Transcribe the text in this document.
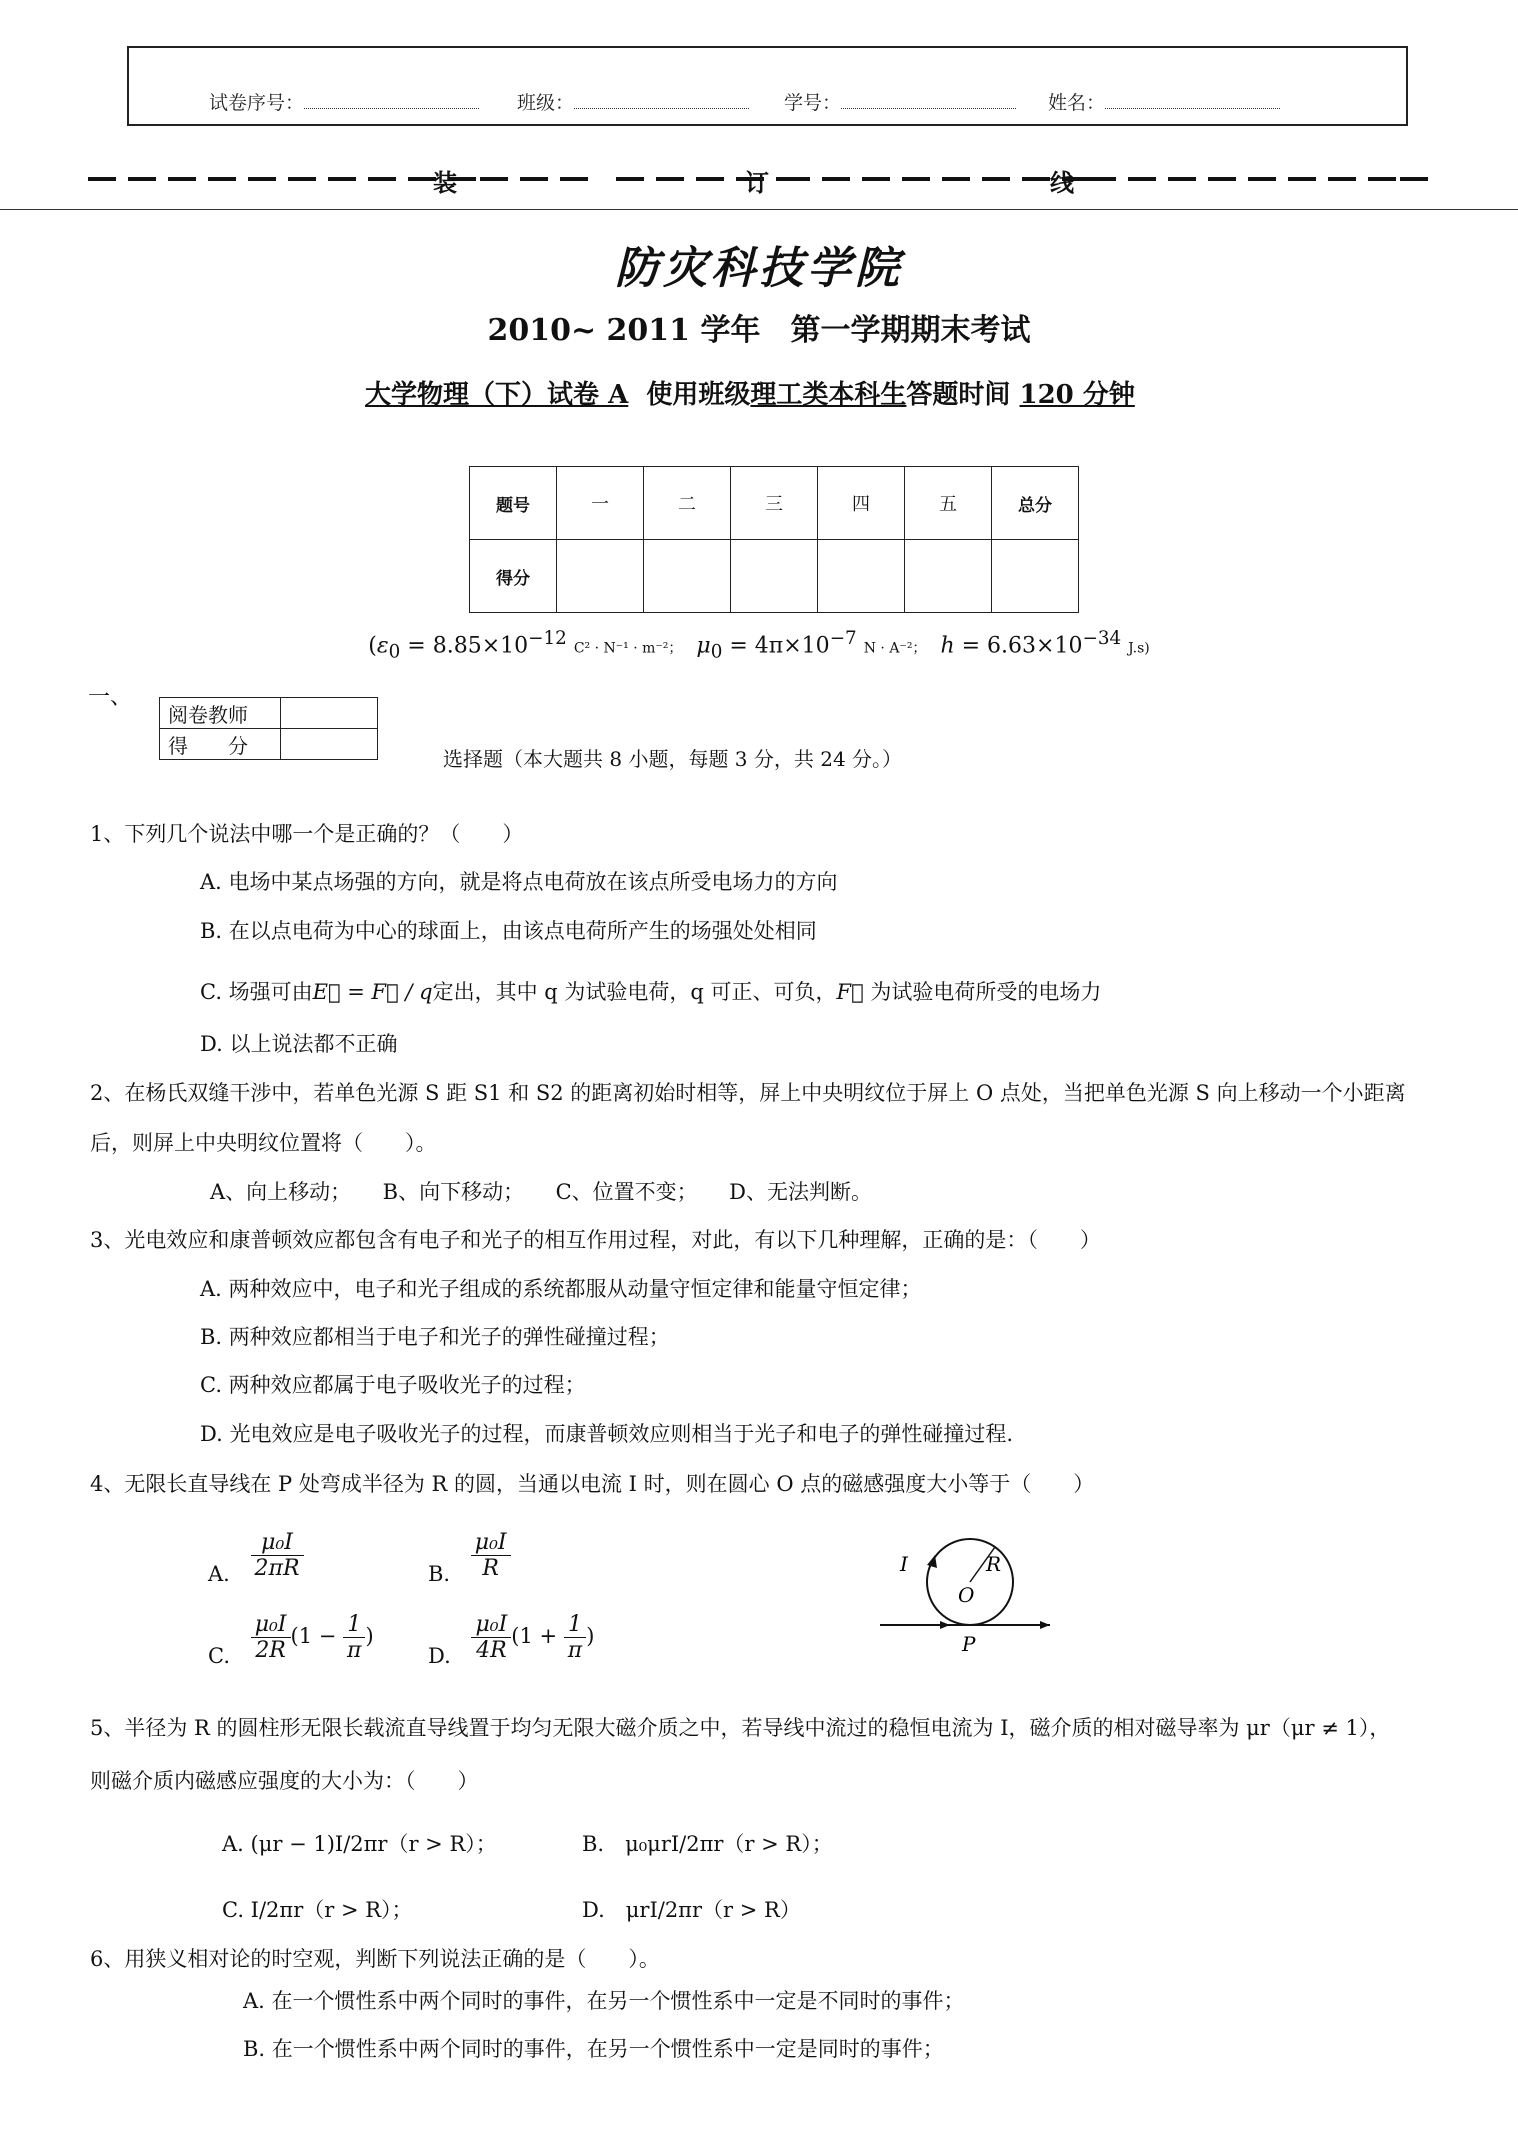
试卷序号：	班级：	学号：	姓名：
装	订	线
防灾科技学院
2010~ 2011 学年　第一学期期末考试
大学物理（下）试卷 A 使用班级理工类本科生答题时间 120 分钟
题号	一	二	三	四	五	总分
得分						
($\varepsilon_0 = 8.85\times 10^{-12}$ C² · N⁻¹ · m⁻²； $\mu_0 = 4\pi\times 10^{-7}$ N · A⁻²； $h = 6.63\times 10^{-34}$ J.s)
一、
阅卷教师	
得　　分	
选择题（本大题共 8 小题，每题 3 分，共 24 分。）
1、下列几个说法中哪一个是正确的？（　　）
A. 电场中某点场强的方向，就是将点电荷放在该点所受电场力的方向
B. 在以点电荷为中心的球面上，由该点电荷所产生的场强处处相同
C. 场强可由E⃗ = F⃗ / q定出，其中 q 为试验电荷，q 可正、可负，F⃗ 为试验电荷所受的电场力
D. 以上说法都不正确
2、在杨氏双缝干涉中，若单色光源 S 距 S1 和 S2 的距离初始时相等，屏上中央明纹位于屏上 O 点处，当把单色光源 S 向上移动一个小距离
后，则屏上中央明纹位置将（　　）。
A、向上移动；　　B、向下移动；　　C、位置不变；　　D、无法判断。
3、光电效应和康普顿效应都包含有电子和光子的相互作用过程，对此，有以下几种理解，正确的是：（　　）
A. 两种效应中，电子和光子组成的系统都服从动量守恒定律和能量守恒定律；
B. 两种效应都相当于电子和光子的弹性碰撞过程；
C. 两种效应都属于电子吸收光子的过程；
D. 光电效应是电子吸收光子的过程，而康普顿效应则相当于光子和电子的弹性碰撞过程.
4、无限长直导线在 P 处弯成半径为 R 的圆，当通以电流 I 时，则在圆心 O 点的磁感强度大小等于（　　）
A. $\frac{\text{μ₀I}}{2\pi R}$	B. $\frac{\text{μ₀I}}{R}$
C. $\frac{\text{μ₀I}}{2R} (1 - \frac{1}{\pi}$ )
D. $\frac{\text{μ₀I}}{4R} (1 + \frac{1}{\pi}$ )
I	R
O
P
5、半径为 R 的圆柱形无限长载流直导线置于均匀无限大磁介质之中，若导线中流过的稳恒电流为 I，磁介质的相对磁导率为 μr（μr ≠ 1），
则磁介质内磁感应强度的大小为：（　　）
A. (μr − 1)I/2πr（r > R）；	B.　μ₀μrI/2πr（r > R）；
C. I/2πr（r > R）；	D.　μrI/2πr（r > R）
6、用狭义相对论的时空观，判断下列说法正确的是（　　）。
A. 在一个惯性系中两个同时的事件，在另一个惯性系中一定是不同时的事件；
B. 在一个惯性系中两个同时的事件，在另一个惯性系中一定是同时的事件；
